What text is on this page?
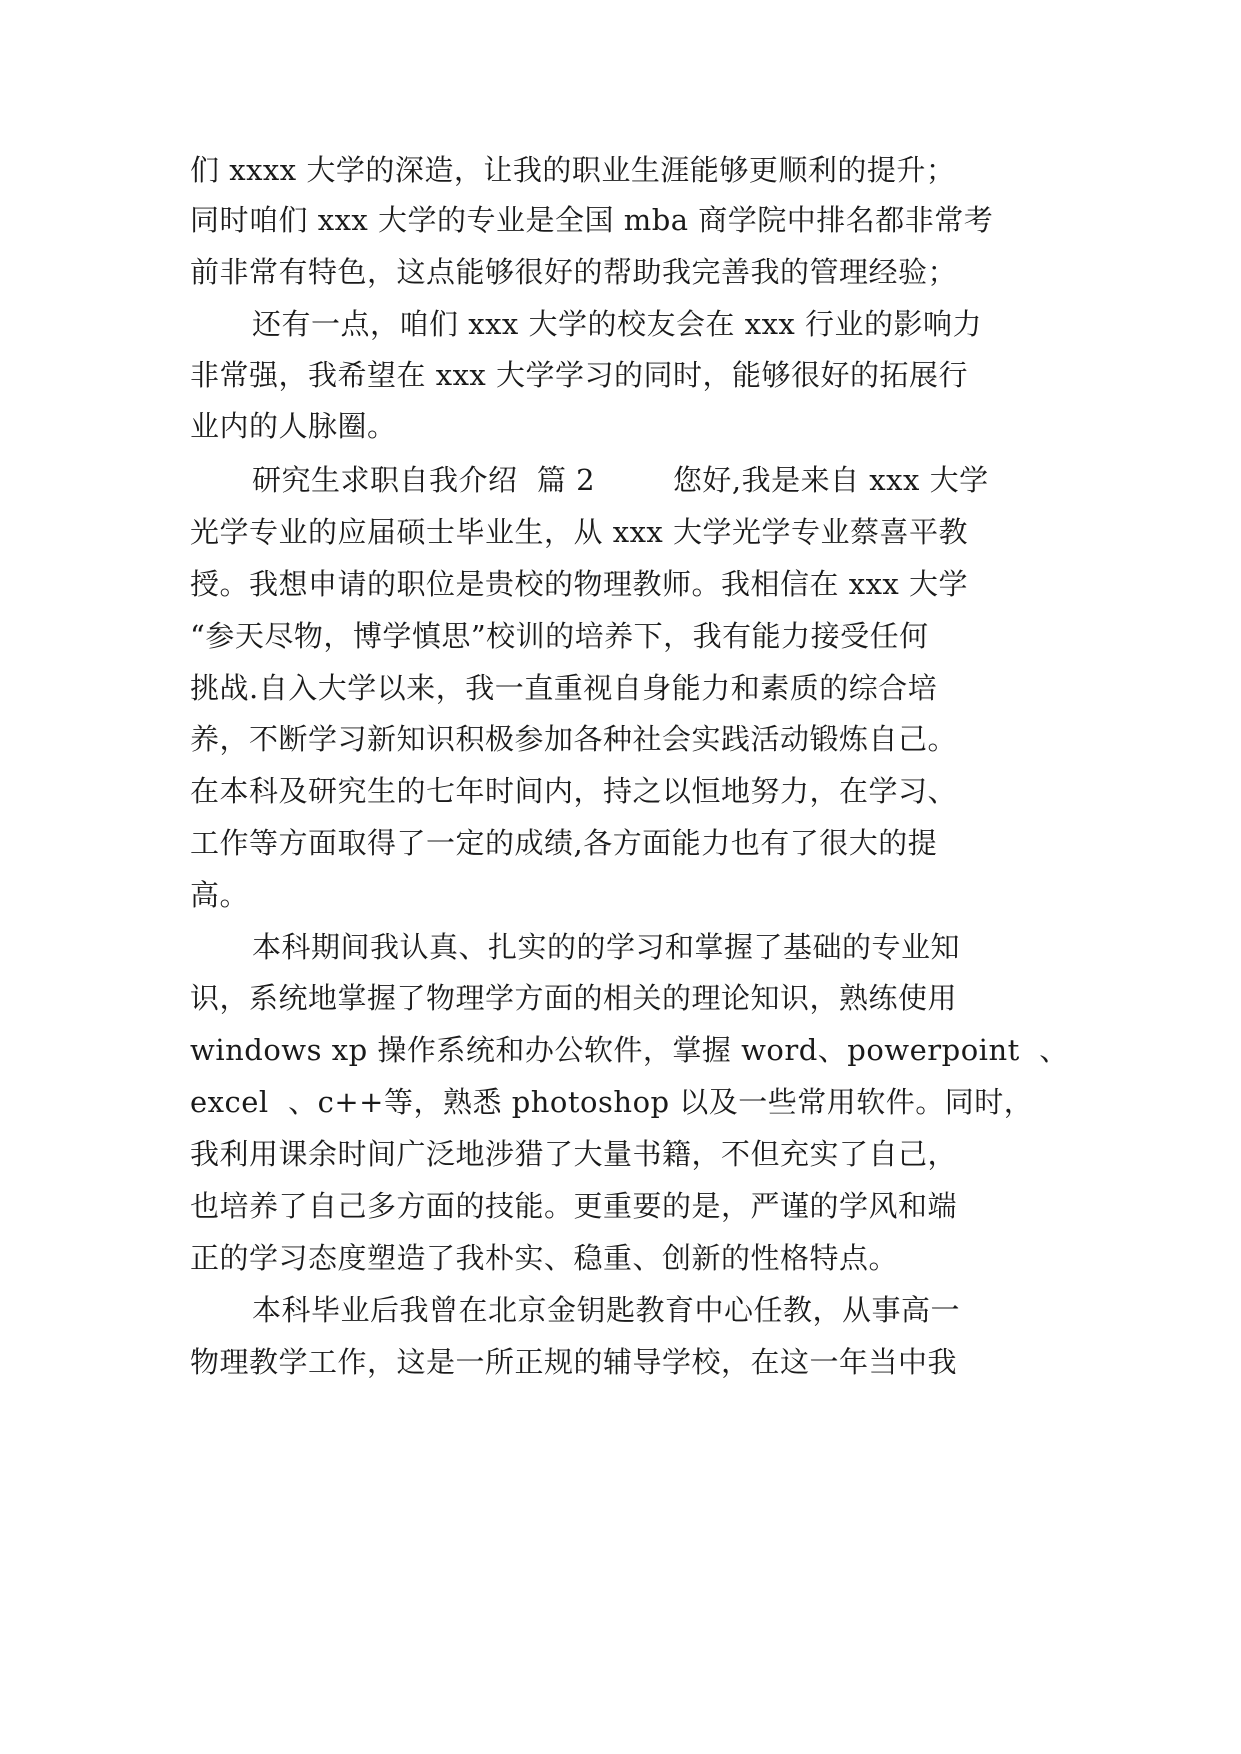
们 xxxx 大学的深造，让我的职业生涯能够更顺利的提升；
同时咱们 xxx 大学的专业是全国 mba 商学院中排名都非常考
前非常有特色，这点能够很好的帮助我完善我的管理经验；
还有一点，咱们 xxx 大学的校友会在 xxx 行业的影响力
非常强，我希望在 xxx 大学学习的同时，能够很好的拓展行
业内的人脉圈。
研究生求职自我介绍  篇 2        您好,我是来自 xxx 大学
光学专业的应届硕士毕业生，从 xxx 大学光学专业蔡喜平教
授。我想申请的职位是贵校的物理教师。我相信在 xxx 大学
“参天尽物，博学慎思”校训的培养下，我有能力接受任何
挑战.自入大学以来，我一直重视自身能力和素质的综合培
养，不断学习新知识积极参加各种社会实践活动锻炼自己。
在本科及研究生的七年时间内，持之以恒地努力，在学习、
工作等方面取得了一定的成绩,各方面能力也有了很大的提
高。
本科期间我认真、扎实的的学习和掌握了基础的专业知
识，系统地掌握了物理学方面的相关的理论知识，熟练使用
windows xp 操作系统和办公软件，掌握 word、powerpoint  、
excel  、c++等，熟悉 photoshop 以及一些常用软件。同时，
我利用课余时间广泛地涉猎了大量书籍，不但充实了自己，
也培养了自己多方面的技能。更重要的是，严谨的学风和端
正的学习态度塑造了我朴实、稳重、创新的性格特点。
本科毕业后我曾在北京金钥匙教育中心任教，从事高一
物理教学工作，这是一所正规的辅导学校，在这一年当中我
